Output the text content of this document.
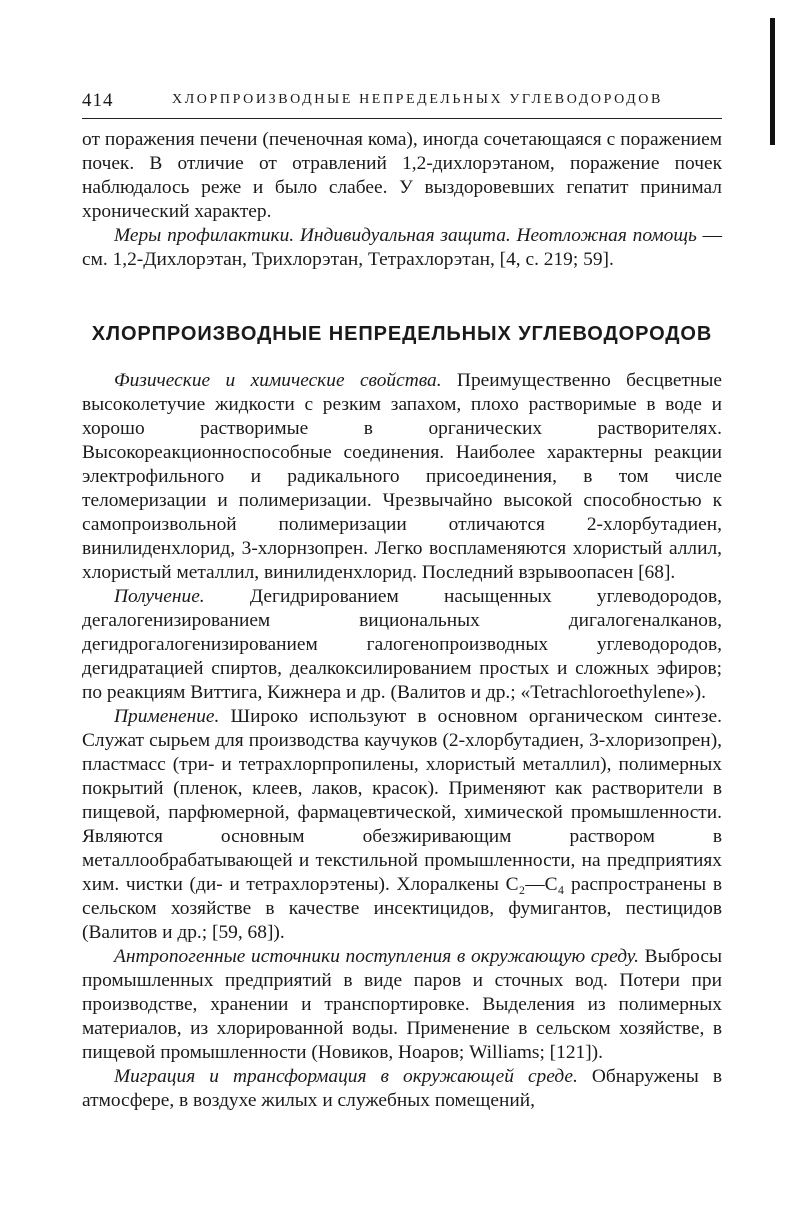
414	ХЛОРПРОИЗВОДНЫЕ НЕПРЕДЕЛЬНЫХ УГЛЕВОДОРОДОВ

от поражения печени (печеночная кома), иногда сочетающаяся с поражением почек. В отличие от отравлений 1,2-дихлорэтаном, поражение почек наблюдалось реже и было слабее. У выздоровевших гепатит принимал хронический характер.

Меры профилактики. Индивидуальная защита. Неотложная помощь — см. 1,2-Дихлорэтан, Трихлорэтан, Тетрахлорэтан, [4, с. 219; 59].

ХЛОРПРОИЗВОДНЫЕ НЕПРЕДЕЛЬНЫХ УГЛЕВОДОРОДОВ

Физические и химические свойства. Преимущественно бесцветные высоколетучие жидкости с резким запахом, плохо растворимые в воде и хорошо растворимые в органических растворителях. Высокореакционноспособные соединения. Наиболее характерны реакции электрофильного и радикального присоединения, в том числе теломеризации и полимеризации. Чрезвычайно высокой способностью к самопроизвольной полимеризации отличаются 2-хлорбутадиен, винилиденхлорид, 3-хлорнзопрен. Легко воспламеняются хлористый аллил, хлористый металлил, винилиденхлорид. Последний взрывоопасен [68].

Получение. Дегидрированием насыщенных углеводородов, дегалогенизированием вициональных дигалогеналканов, дегидрогалогенизированием галогенопроизводных углеводородов, дегидратацией спиртов, деалкоксилированием простых и сложных эфиров; по реакциям Виттига, Кижнера и др. (Валитов и др.; «Tetrachloroethylene»).

Применение. Широко используют в основном органическом синтезе. Служат сырьем для производства каучуков (2-хлорбутадиен, 3-хлоризопрен), пластмасс (три- и тетрахлорпропилены, хлористый металлил), полимерных покрытий (пленок, клеев, лаков, красок). Применяют как растворители в пищевой, парфюмерной, фармацевтической, химической промышленности. Являются основным обезжиривающим раствором в металлообрабатывающей и текстильной промышленности, на предприятиях хим. чистки (ди- и тетрахлорэтены). Хлоралкены C₂—C₄ распространены в сельском хозяйстве в качестве инсектицидов, фумигантов, пестицидов (Валитов и др.; [59, 68]).

Антропогенные источники поступления в окружающую среду. Выбросы промышленных предприятий в виде паров и сточных вод. Потери при производстве, хранении и транспортировке. Выделения из полимерных материалов, из хлорированной воды. Применение в сельском хозяйстве, в пищевой промышленности (Новиков, Ноаров; Williams; [121]).

Миграция и трансформация в окружающей среде. Обнаружены в атмосфере, в воздухе жилых и служебных помещений,
